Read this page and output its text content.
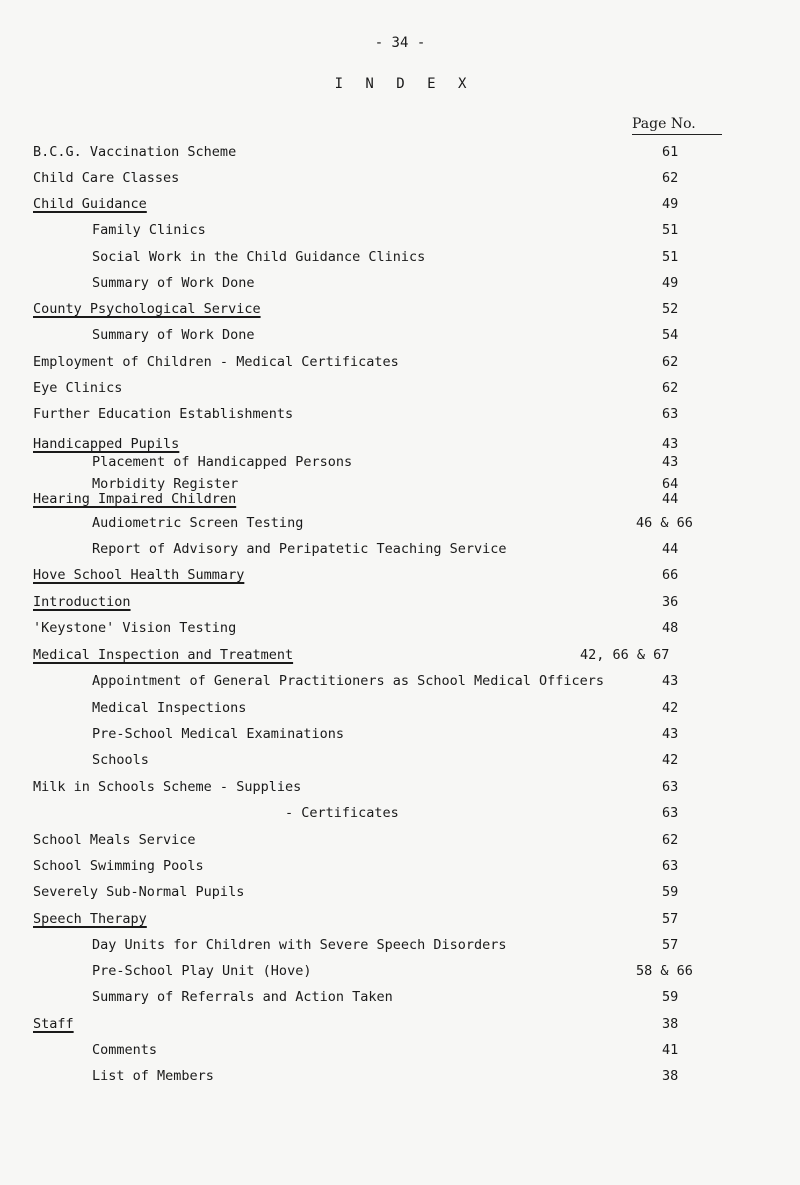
- 34 -
I N D E X
Page No.
B.C.G. Vaccination Scheme	61
Child Care Classes	62
Child Guidance	49
Family Clinics	51
Social Work in the Child Guidance Clinics	51
Summary of Work Done	49
County Psychological Service	52
Summary of Work Done	54
Employment of Children - Medical Certificates	62
Eye Clinics	62
Further Education Establishments	63
Handicapped Pupils	43
Placement of Handicapped Persons	43
Morbidity Register	64
Hearing Impaired Children	44
Audiometric Screen Testing	46 & 66
Report of Advisory and Peripatetic Teaching Service	44
Hove School Health Summary	66
Introduction	36
'Keystone' Vision Testing	48
Medical Inspection and Treatment	42, 66 & 67
Appointment of General Practitioners as School Medical Officers	43
Medical Inspections	42
Pre-School Medical Examinations	43
Schools	42
Milk in Schools Scheme - Supplies	63
- Certificates	63
School Meals Service	62
School Swimming Pools	63
Severely Sub-Normal Pupils	59
Speech Therapy	57
Day Units for Children with Severe Speech Disorders	57
Pre-School Play Unit (Hove)	58 & 66
Summary of Referrals and Action Taken	59
Staff	38
Comments	41
List of Members	38
